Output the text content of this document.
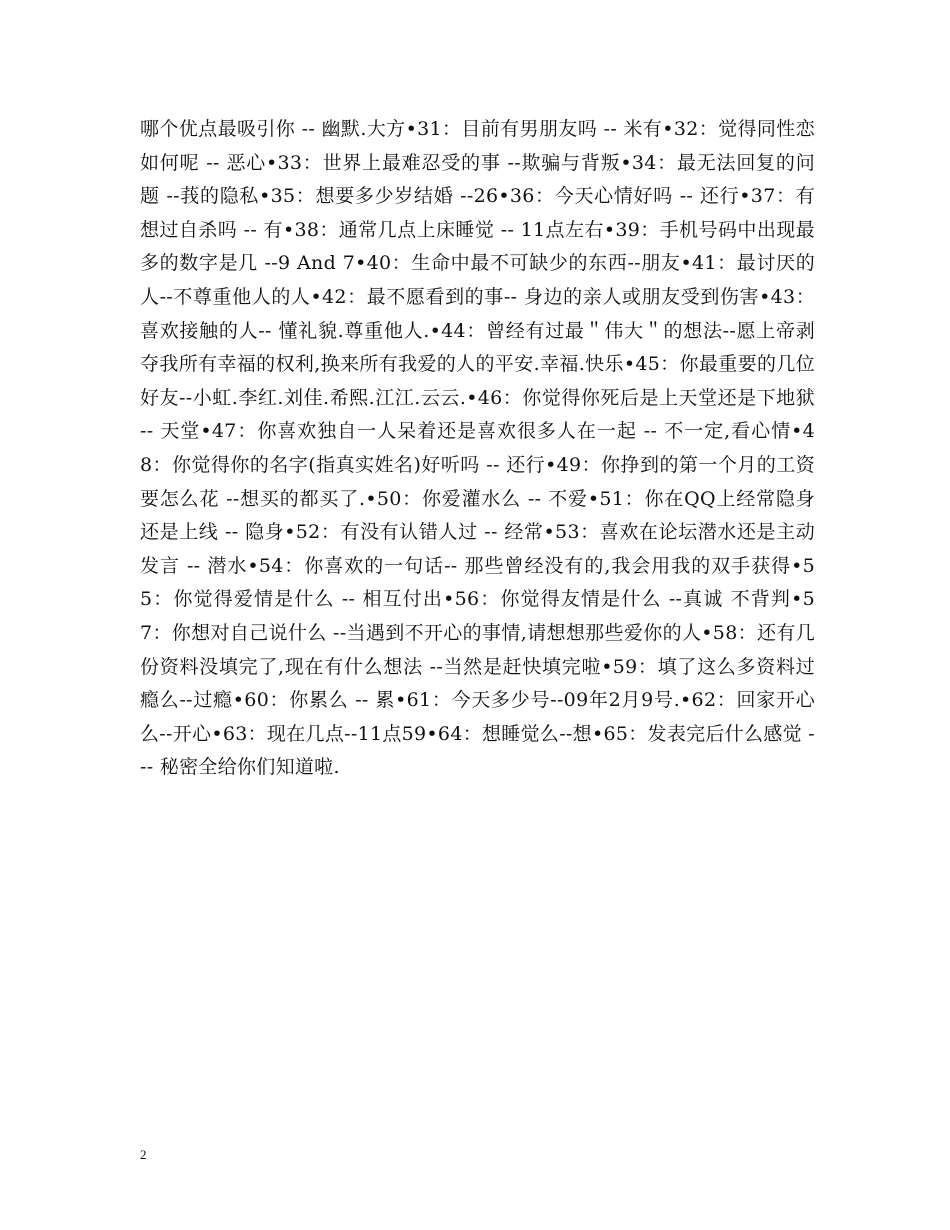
哪个优点最吸引你 -- 幽默.大方•31：目前有男朋友吗 -- 米有•32：觉得同性恋如何呢 -- 恶心•33：世界上最难忍受的事 --欺骗与背叛•34：最无法回复的问题 --莪的隐私•35：想要多少岁结婚 --26•36：今天心情好吗 -- 还行•37：有想过自杀吗 -- 有•38：通常几点上床睡觉 -- 11点左右•39：手机号码中出现最多的数字是几 --9 And 7•40：生命中最不可缺少的东西--朋友•41：最讨厌的人--不尊重他人的人•42：最不愿看到的事-- 身边的亲人或朋友受到伤害•43：喜欢接触的人-- 懂礼貌.尊重他人.•44：曾经有过最＂伟大＂的想法--愿上帝剥夺我所有幸福的权利,换来所有我爱的人的平安.幸福.快乐•45：你最重要的几位好友--小虹.李红.刘佳.希熙.江江.云云.•46：你觉得你死后是上天堂还是下地狱 -- 天堂•47：你喜欢独自一人呆着还是喜欢很多人在一起 -- 不一定,看心情•48：你觉得你的名字(指真实姓名)好听吗 -- 还行•49：你挣到的第一个月的工资要怎么花 --想买的都买了.•50：你爱灌水么 -- 不爱•51：你在QQ上经常隐身还是上线 -- 隐身•52：有没有认错人过 -- 经常•53：喜欢在论坛潜水还是主动发言 -- 潜水•54：你喜欢的一句话-- 那些曾经没有的,我会用我的双手获得•55：你觉得爱情是什么 -- 相互付出•56：你觉得友情是什么 --真诚 不背判•57：你想对自己说什么 --当遇到不开心的事情,请想想那些爱你的人•58：还有几份资料没填完了,现在有什么想法 --当然是赶快填完啦•59：填了这么多资料过瘾么--过瘾•60：你累么 -- 累•61：今天多少号--09年2月9号.•62：回家开心么--开心•63：现在几点--11点59•64：想睡觉么--想•65：发表完后什么感觉 --- 秘密全给你们知道啦.
2
